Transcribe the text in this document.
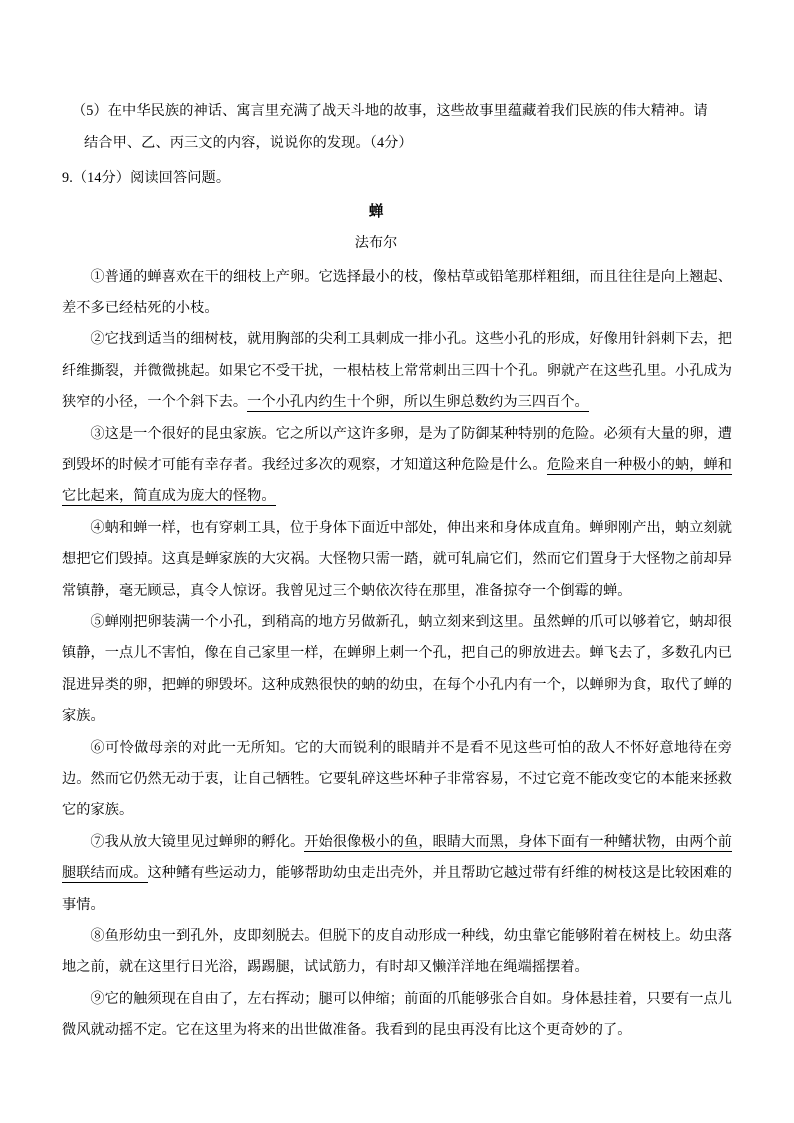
（5）在中华民族的神话、寓言里充满了战天斗地的故事，这些故事里蕴藏着我们民族的伟大精神。请
结合甲、乙、丙三文的内容，说说你的发现。（4分）
9.（14分）阅读回答问题。
蝉
法布尔

①普通的蝉喜欢在干的细枝上产卵。它选择最小的枝，像枯草或铅笔那样粗细，而且往往是向上翘起、差不多已经枯死的小枝。

②它找到适当的细树枝，就用胸部的尖利工具刺成一排小孔。这些小孔的形成，好像用针斜刺下去，把纤维撕裂，并微微挑起。如果它不受干扰，一根枯枝上常常刺出三四十个孔。卵就产在这些孔里。小孔成为狭窄的小径，一个个斜下去。一个小孔内约生十个卵，所以生卵总数约为三四百个。

③这是一个很好的昆虫家族。它之所以产这许多卵，是为了防御某种特别的危险。必须有大量的卵，遭到毁坏的时候才可能有幸存者。我经过多次的观察，才知道这种危险是什么。危险来自一种极小的蚋，蝉和它比起来，简直成为庞大的怪物。

④蚋和蝉一样，也有穿刺工具，位于身体下面近中部处，伸出来和身体成直角。蝉卵刚产出，蚋立刻就想把它们毁掉。这真是蝉家族的大灾祸。大怪物只需一踏，就可轧扁它们，然而它们置身于大怪物之前却异常镇静，毫无顾忌，真令人惊讶。我曾见过三个蚋依次待在那里，准备掠夺一个倒霉的蝉。

⑤蝉刚把卵装满一个小孔，到稍高的地方另做新孔，蚋立刻来到这里。虽然蝉的爪可以够着它，蚋却很镇静，一点儿不害怕，像在自己家里一样，在蝉卵上刺一个孔，把自己的卵放进去。蝉飞去了，多数孔内已混进异类的卵，把蝉的卵毁坏。这种成熟很快的蚋的幼虫，在每个小孔内有一个，以蝉卵为食，取代了蝉的家族。

⑥可怜做母亲的对此一无所知。它的大而锐利的眼睛并不是看不见这些可怕的敌人不怀好意地待在旁边。然而它仍然无动于衷，让自己牺牲。它要轧碎这些坏种子非常容易，不过它竟不能改变它的本能来拯救它的家族。

⑦我从放大镜里见过蝉卵的孵化。开始很像极小的鱼，眼睛大而黑，身体下面有一种鳍状物，由两个前腿联结而成。这种鳍有些运动力，能够帮助幼虫走出壳外，并且帮助它越过带有纤维的树枝这是比较困难的事情。

⑧鱼形幼虫一到孔外，皮即刻脱去。但脱下的皮自动形成一种线，幼虫靠它能够附着在树枝上。幼虫落地之前，就在这里行日光浴，踢踢腿，试试筋力，有时却又懒洋洋地在绳端摇摆着。

⑨它的触须现在自由了，左右挥动；腿可以伸缩；前面的爪能够张合自如。身体悬挂着，只要有一点儿微风就动摇不定。它在这里为将来的出世做准备。我看到的昆虫再没有比这个更奇妙的了。
